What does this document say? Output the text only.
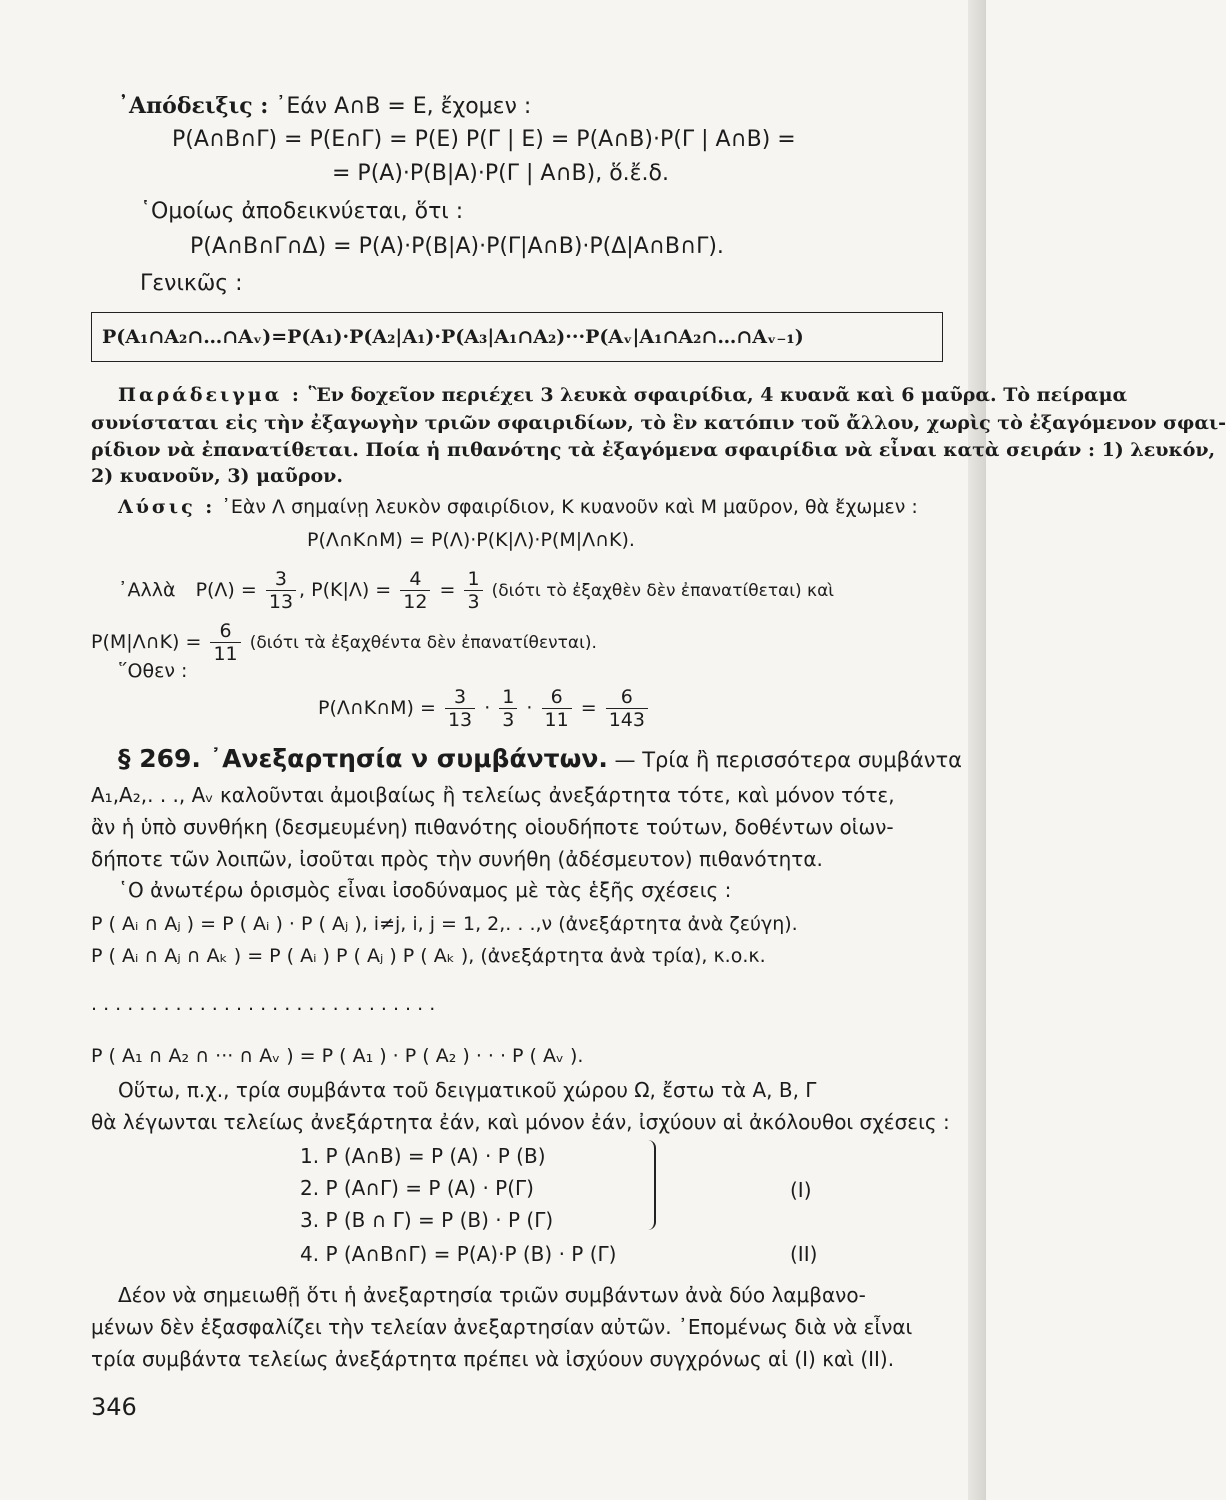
᾿Απόδειξις : ᾿Εάν A∩B = E, ἔχομεν :
P(A∩B∩Γ) = P(E∩Γ) = P(E) P(Γ | E) = P(A∩B)·P(Γ | A∩B) =
= P(A)·P(B|A)·P(Γ | A∩B), ὅ.ἔ.δ.
῾Ομοίως ἀποδεικνύεται, ὅτι :
P(A∩B∩Γ∩Δ) = P(A)·P(B|A)·P(Γ|A∩B)·P(Δ|A∩B∩Γ).
Γενικῶς :
P(A₁∩A₂∩…∩Aᵥ)=P(A₁)·P(A₂|A₁)·P(A₃|A₁∩A₂)···P(Aᵥ|A₁∩A₂∩…∩Aᵥ₋₁)
Παράδειγμα : Ἓν δοχεῖον περιέχει 3 λευκὰ σφαιρίδια, 4 κυανᾶ καὶ 6 μαῦρα. Τὸ πείραμα
συνίσταται εἰς τὴν ἐξαγωγὴν τριῶν σφαιριδίων, τὸ ἓν κατόπιν τοῦ ἄλλου, χωρὶς τὸ ἐξαγόμενον σφαι-
ρίδιον νὰ ἐπανατίθεται. Ποία ἡ πιθανότης τὰ ἐξαγόμενα σφαιρίδια νὰ εἶναι κατὰ σειράν : 1) λευκόν,
2) κυανοῦν, 3) μαῦρον.
Λύσις : ᾿Εὰν Λ σημαίνῃ λευκὸν σφαιρίδιον, K κυανοῦν καὶ M μαῦρον, θὰ ἔχωμεν :
P(Λ∩K∩M) = P(Λ)·P(K|Λ)·P(M|Λ∩K).
᾿Αλλὰ $P(\Lambda) = \frac{3}{13}$ , $P(K|\Lambda) = \frac{4}{12} = \frac{1}{3} (\delta\iota ό\tau\iota$ τὸ ἐξαχθὲν δὲν ἐπανατίθεται) καὶ
P(M|Λ∩K) = $\frac{6}{11} (\delta\iota ό\tau\iota$ τὰ ἐξαχθέντα δὲν ἐπανατίθενται).
῞Οθεν :
P(Λ∩K∩M) = $\frac{3}{13} \cdot \frac{1}{3} \cdot \frac{6}{11} = \frac{6}{143}$
§ 269. ᾿Ανεξαρτησία ν συμβάντων. — Τρία ἢ περισσότερα συμβάντα
A₁,A₂,. . ., Aᵥ καλοῦνται ἀμοιβαίως ἢ τελείως ἀνεξάρτητα τότε, καὶ μόνον τότε,
ἂν ἡ ὑπὸ συνθήκη (δεσμευμένη) πιθανότης οἱουδήποτε τούτων, δοθέντων οἱων-
δήποτε τῶν λοιπῶν, ἰσοῦται πρὸς τὴν συνήθη (ἀδέσμευτον) πιθανότητα.
῾Ο ἀνωτέρω ὁρισμὸς εἶναι ἰσοδύναμος μὲ τὰς ἑξῆς σχέσεις :
P ( Aᵢ ∩ Aⱼ ) = P ( Aᵢ ) · P ( Aⱼ ), i≠j, i, j = 1, 2,. . .,ν (ἀνεξάρτητα ἀνὰ ζεύγη).
P ( Aᵢ ∩ Aⱼ ∩ Aₖ ) = P ( Aᵢ ) P ( Aⱼ ) P ( Aₖ ), (ἀνεξάρτητα ἀνὰ τρία), κ.ο.κ.
. . . . . . . . . . . . . . . . . . . . . . . . . . . . .
P ( A₁ ∩ A₂ ∩ ··· ∩ Aᵥ ) = P ( A₁ ) · P ( A₂ ) · · · P ( Aᵥ ).
Οὕτω, π.χ., τρία συμβάντα τοῦ δειγματικοῦ χώρου Ω, ἔστω τὰ A, B, Γ
θὰ λέγωνται τελείως ἀνεξάρτητα ἐάν, καὶ μόνον ἐάν, ἰσχύουν αἱ ἀκόλουθοι σχέσεις :
1. P (A∩B) = P (A) · P (B)
2. P (A∩Γ) = P (A) · P(Γ)
3. P (B ∩ Γ) = P (B) · P (Γ)
(I)
4. P (A∩B∩Γ) = P(A)·P (B) · P (Γ)	(II)
Δέον νὰ σημειωθῇ ὅτι ἡ ἀνεξαρτησία τριῶν συμβάντων ἀνὰ δύο λαμβανο-
μένων δὲν ἐξασφαλίζει τὴν τελείαν ἀνεξαρτησίαν αὐτῶν. ᾿Επομένως διὰ νὰ εἶναι
τρία συμβάντα τελείως ἀνεξάρτητα πρέπει νὰ ἰσχύουν συγχρόνως αἱ (I) καὶ (II).
346
